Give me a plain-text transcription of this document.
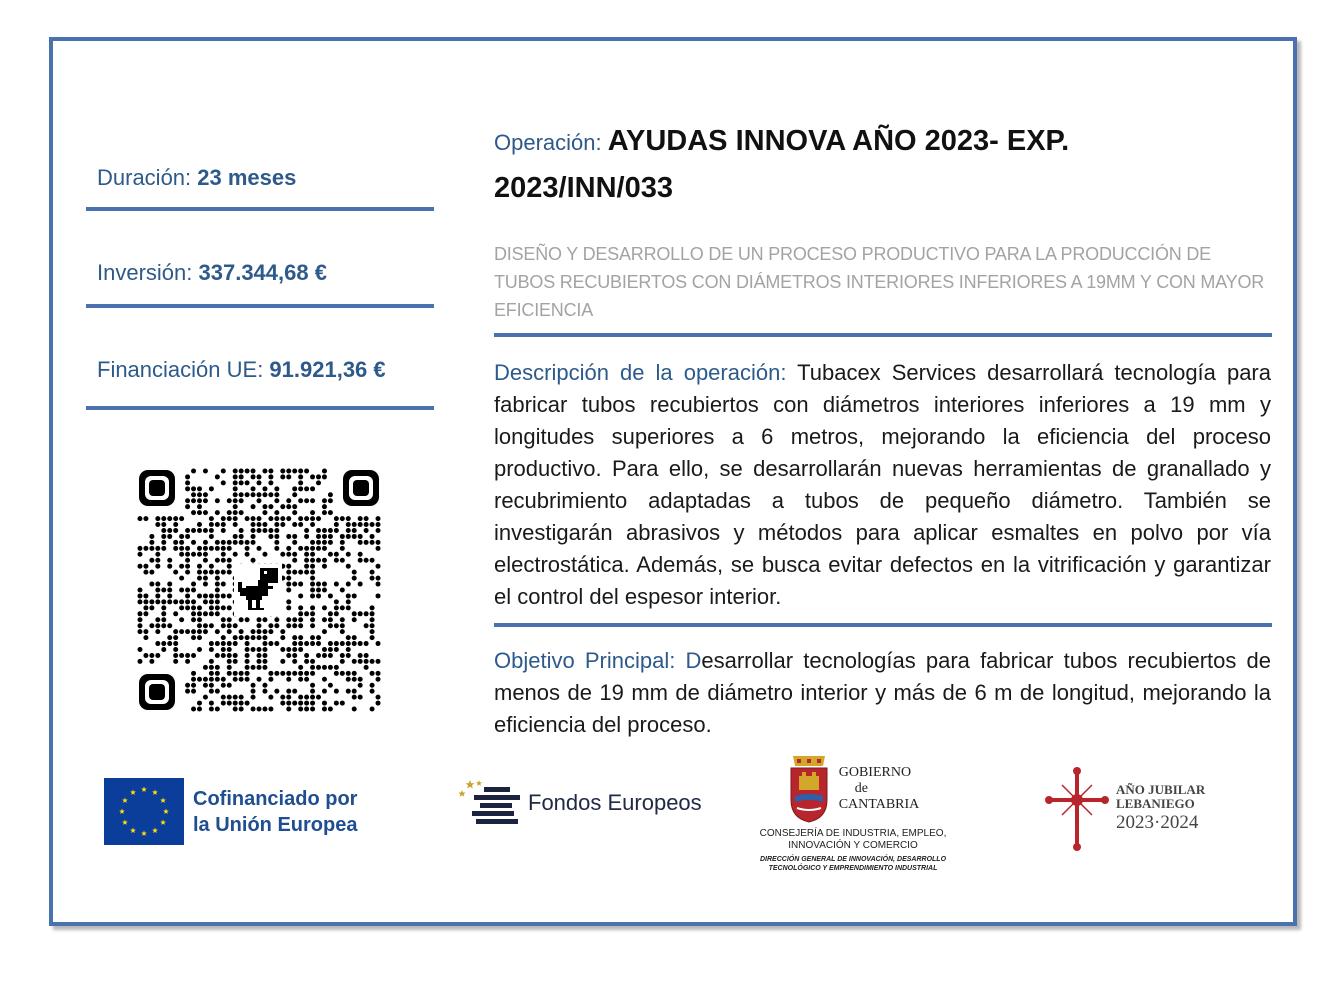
Duración: 23 meses
Inversión: 337.344,68 €
Financiación UE: 91.921,36 €
Operación: AYUDAS INNOVA AÑO 2023- EXP. 2023/INN/033
DISEÑO Y DESARROLLO DE UN PROCESO PRODUCTIVO PARA LA PRODUCCIÓN DE TUBOS RECUBIERTOS CON DIÁMETROS INTERIORES INFERIORES A 19MM Y CON MAYOR EFICIENCIA
Descripción de la operación: Tubacex Services desarrollará tecnología para fabricar tubos recubiertos con diámetros interiores inferiores a 19 mm y longitudes superiores a 6 metros, mejorando la eficiencia del proceso productivo. Para ello, se desarrollarán nuevas herramientas de granallado y recubrimiento adaptadas a tubos de pequeño diámetro. También se investigarán abrasivos y métodos para aplicar esmaltes en polvo por vía electrostática. Además, se busca evitar defectos en la vitrificación y garantizar el control del espesor interior.
Objetivo Principal: Desarrollar tecnologías para fabricar tubos recubiertos de menos de 19 mm de diámetro interior y más de 6 m de longitud, mejorando la eficiencia del proceso.
Cofinanciado por
la Unión Europea
Fondos Europeos
GOBIERNO
de
CANTABRIA
CONSEJERÍA DE INDUSTRIA, EMPLEO,
INNOVACIÓN Y COMERCIO
DIRECCIÓN GENERAL DE INNOVACIÓN, DESARROLLO
TECNOLÓGICO Y EMPRENDIMIENTO INDUSTRIAL
AÑO JUBILAR
LEBANIEGO
2023·2024
